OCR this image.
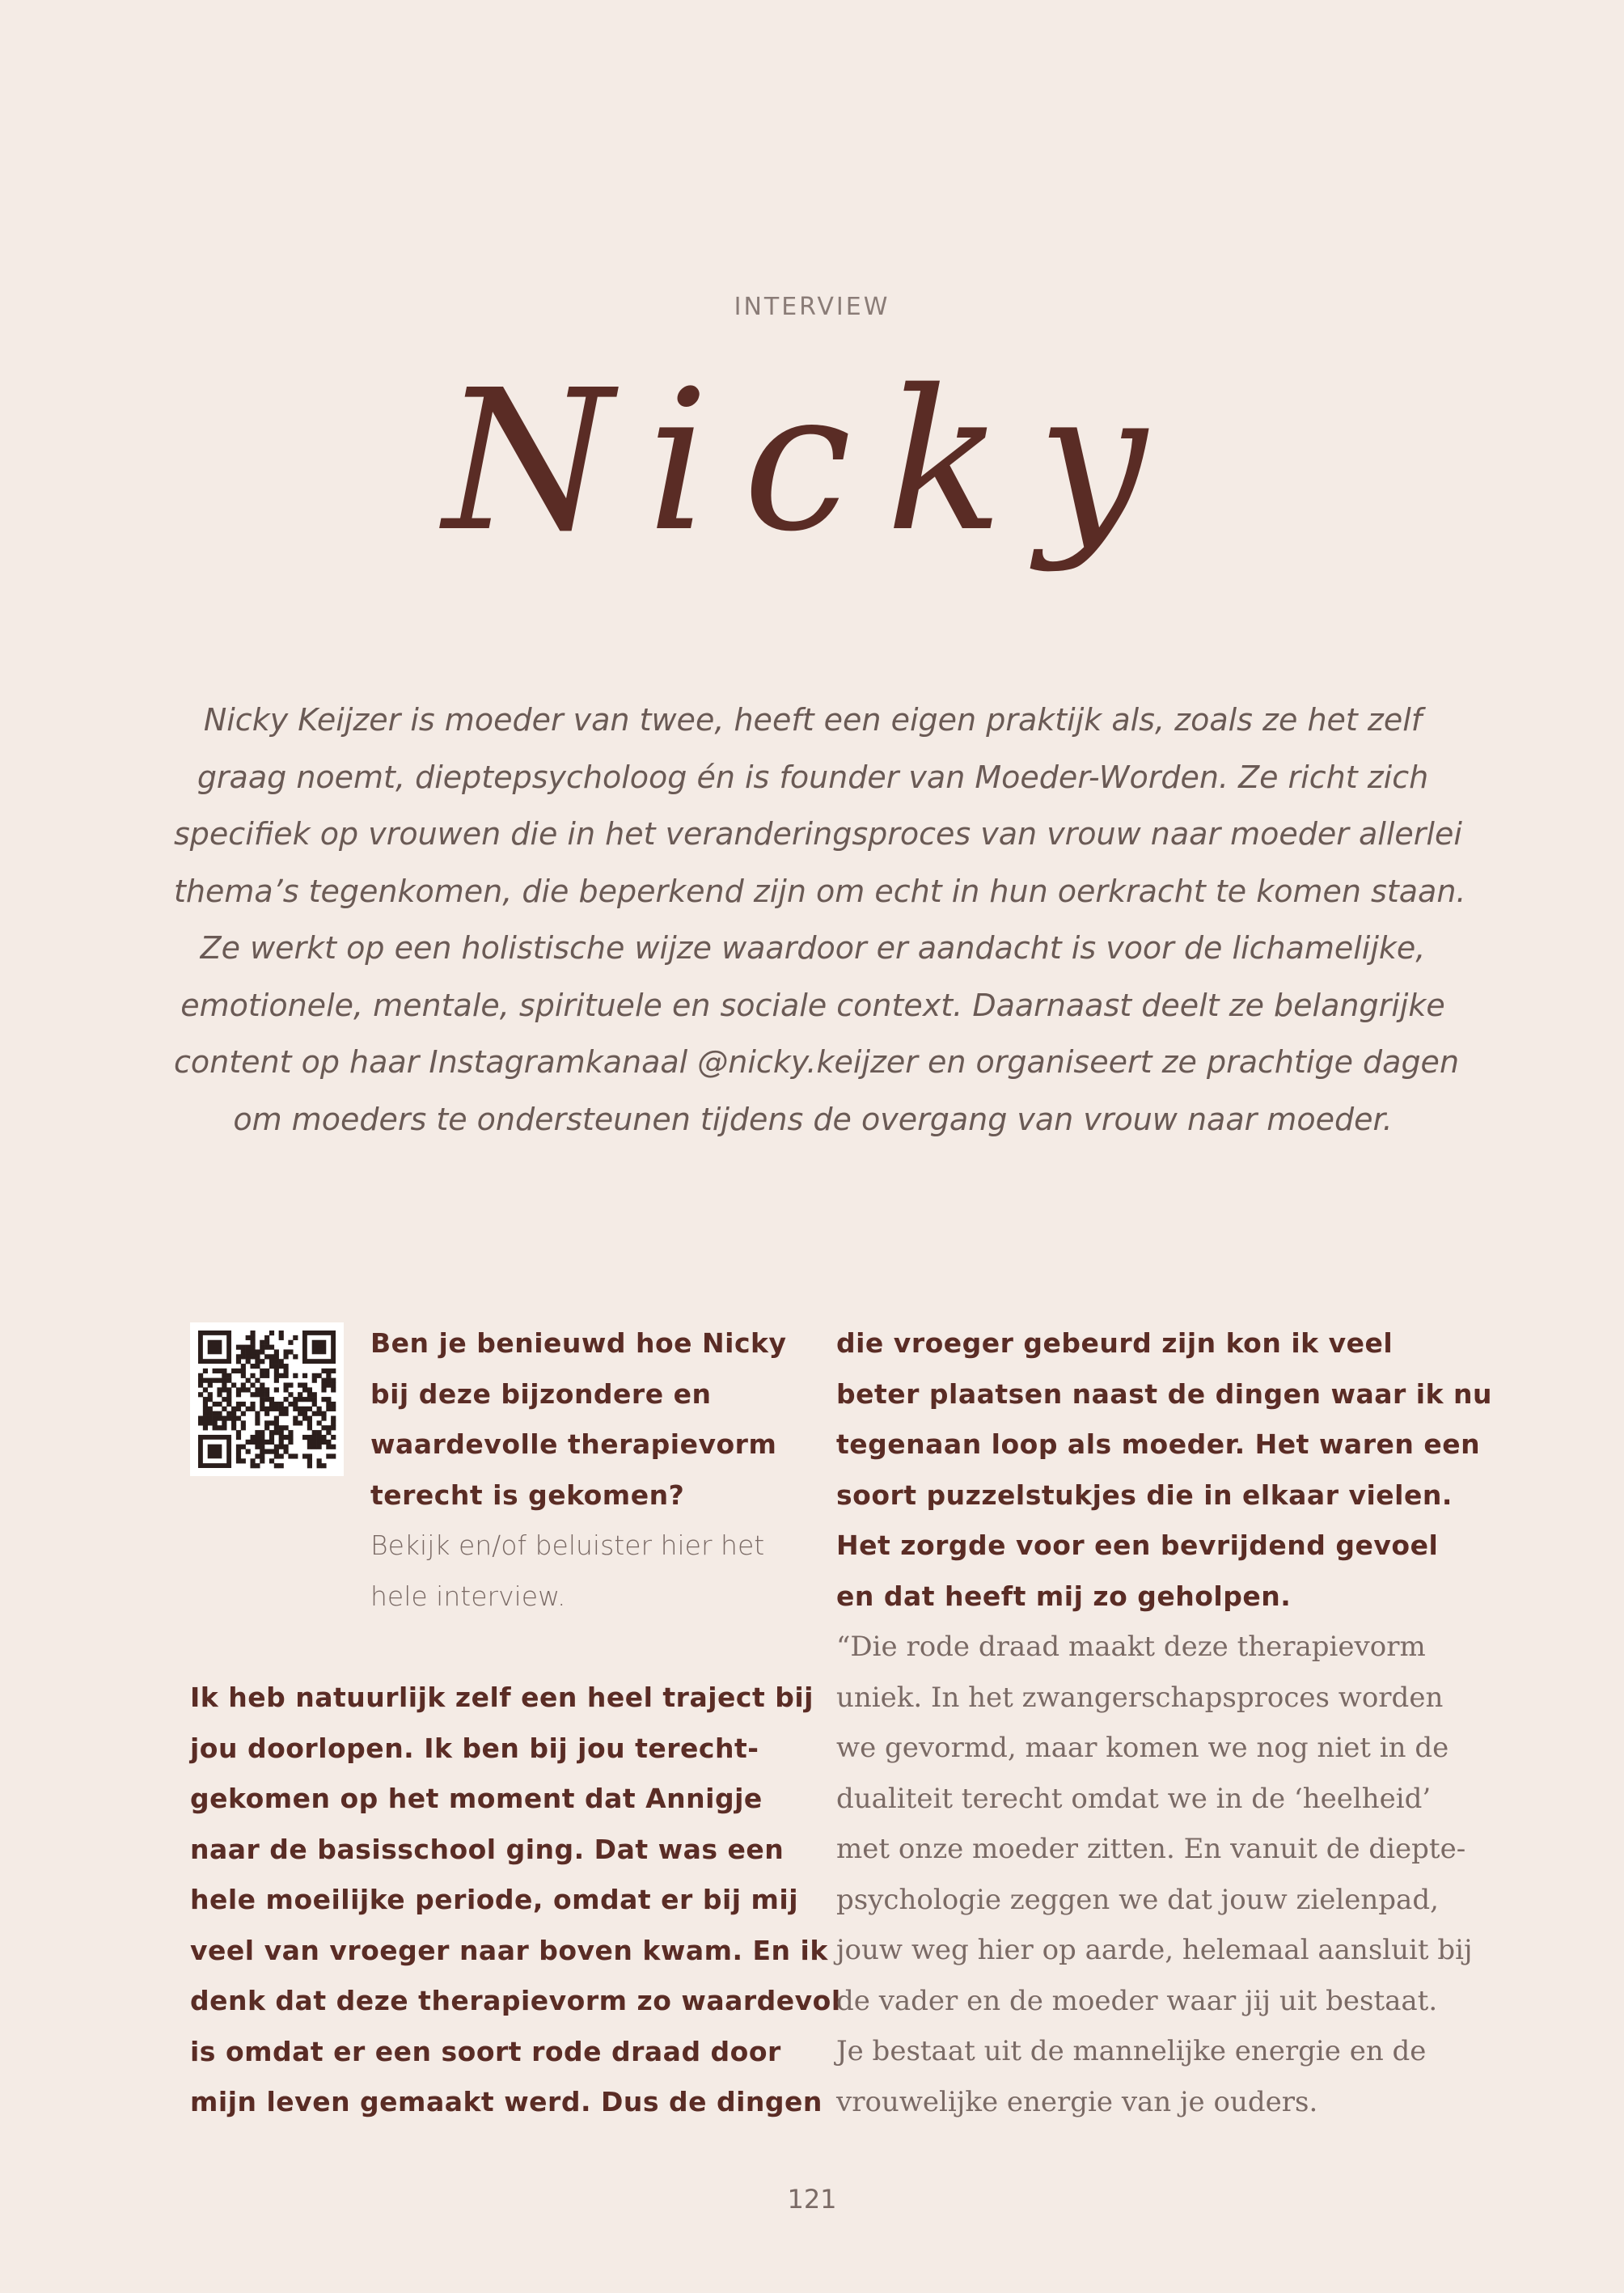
INTERVIEW
Nicky
Nicky Keijzer is moeder van twee, heeft een eigen praktijk als, zoals ze het zelf
graag noemt, dieptepsycholoog én is founder van Moeder-Worden. Ze richt zich
specifiek op vrouwen die in het veranderingsproces van vrouw naar moeder allerlei
thema’s tegenkomen, die beperkend zijn om echt in hun oerkracht te komen staan.
Ze werkt op een holistische wijze waardoor er aandacht is voor de lichamelijke,
emotionele, mentale, spirituele en sociale context. Daarnaast deelt ze belangrijke
content op haar Instagramkanaal @nicky.keijzer en organiseert ze prachtige dagen
om moeders te ondersteunen tijdens de overgang van vrouw naar moeder.
Ben je benieuwd hoe Nicky
bij deze bijzondere en
waardevolle therapievorm
terecht is gekomen?
Bekijk en/of beluister hier het
hele interview.
Ik heb natuurlijk zelf een heel traject bij
jou doorlopen. Ik ben bij jou terecht-
gekomen op het moment dat Annigje
naar de basisschool ging. Dat was een
hele moeilijke periode, omdat er bij mij
veel van vroeger naar boven kwam. En ik
denk dat deze therapievorm zo waardevol
is omdat er een soort rode draad door
mijn leven gemaakt werd. Dus de dingen
die vroeger gebeurd zijn kon ik veel
beter plaatsen naast de dingen waar ik nu
tegenaan loop als moeder. Het waren een
soort puzzelstukjes die in elkaar vielen.
Het zorgde voor een bevrijdend gevoel
en dat heeft mij zo geholpen.
“Die rode draad maakt deze therapievorm
uniek. In het zwangerschapsproces worden
we gevormd, maar komen we nog niet in de
dualiteit terecht omdat we in de ‘heelheid’
met onze moeder zitten. En vanuit de diepte-
psychologie zeggen we dat jouw zielenpad,
jouw weg hier op aarde, helemaal aansluit bij
de vader en de moeder waar jij uit bestaat.
Je bestaat uit de mannelijke energie en de
vrouwelijke energie van je ouders.
121
